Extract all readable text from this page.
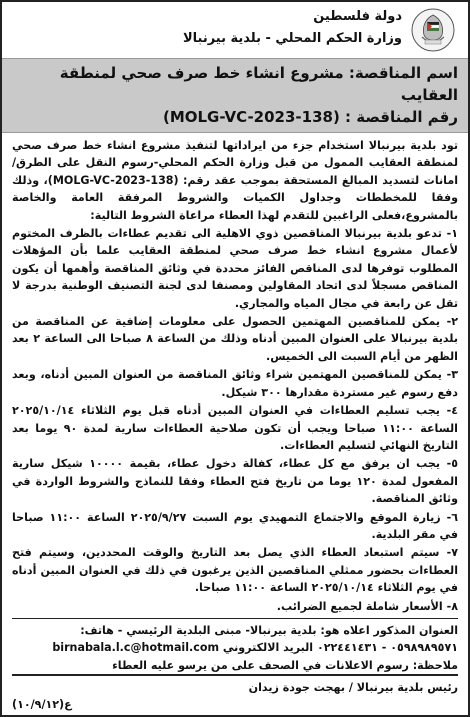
دولة فلسطين
وزارة الحكم المحلي - بلدية بيرنبالا
اسم المناقصة: مشروع انشاء خط صرف صحي لمنطقة العقايب
رقم المناقصة : (MOLG-VC-2023-138)

تود بلدية بيرنبالا استخدام جزء من ايراداتها لتنفيذ مشروع انشاء خط صرف صحي لمنطقة العقايب الممول من قبل وزارة الحكم المحلي-رسوم النقل على الطرق/ امانات لتسديد المبالغ المستحقة بموجب عقد رقم: (MOLG-VC-2023-138)، وذلك وفقا للمخططات وجداول الكميات والشروط المرفقة العامة والخاصة بالمشروع،فعلى الراغبين للتقدم لهذا العطاء مراعاة الشروط التالية:

١- تدعو بلدية بيرنبالا المناقصين ذوي الاهلية الى تقديم عطاءات بالظرف المختوم لأعمال مشروع انشاء خط صرف صحي لمنطقة العقايب علما بأن المؤهلات المطلوب توفرها لدى المناقص الفائز محددة في وثائق المناقصة وأهمها أن يكون المناقص مسجلاً لدى اتحاد المقاولين ومصنفا لدى لجنة التصنيف الوطنية بدرجة لا تقل عن رابعة في مجال المياه والمجاري.

٢- يمكن للمناقصين المهتمين الحصول على معلومات إضافية عن المناقصة من بلدية بيرنبالا على العنوان المبين أدناه وذلك من الساعة ٨ صباحا الى الساعة ٢ بعد الظهر من أيام السبت الى الخميس.

٣- يمكن للمناقصين المهتمين شراء وثائق المناقصة من العنوان المبين أدناه، وبعد دفع رسوم غير مستردة مقدارها ٣٠٠ شيكل.

٤- يجب تسليم العطاءات في العنوان المبين أدناه قبل يوم الثلاثاء ٢٠٢٥/١٠/١٤ الساعة ١١:٠٠ صباحا ويجب أن تكون صلاحية العطاءات سارية لمدة ٩٠ يوما بعد التاريخ النهائي لتسليم العطاءات.

٥- يجب ان يرفق مع كل عطاء، كفالة دخول عطاء، بقيمة ١٠٠٠٠ شيكل سارية المفعول لمدة ١٢٠ يوما من تاريخ فتح العطاء وفقا للنماذج والشروط الواردة في وثائق المناقصة.

٦- زيارة الموقع والاجتماع التمهيدي يوم السبت ٢٠٢٥/٩/٢٧ الساعة ١١:٠٠ صباحا في مقر البلدية.

٧- سيتم استبعاد العطاء الذي يصل بعد التاريخ والوقت المحددين، وسيتم فتح العطاءات بحضور ممثلي المناقصين الذين يرغبون في ذلك في العنوان المبين أدناه في يوم الثلاثاء ٢٠٢٥/١٠/١٤ الساعة ١١:٠٠ صباحا.

٨- الأسعار شاملة لجميع الضرائب.

العنوان المذكور اعلاه هو: بلدية بيرنبالا- مبنى البلدية الرئيسي - هاتف:

٠٥٩٨٩٨٩٥٧١ - ٠٢٢٤٤١٤٣١ البريد الالكتروني birnabala.l.c@hotmail.com

ملاحظة: رسوم الاعلانات في الصحف على من يرسو عليه العطاء

رئيس بلدية بيرنبالا / بهجت جودة زيدان

ع(١٠/٩/١٢)
